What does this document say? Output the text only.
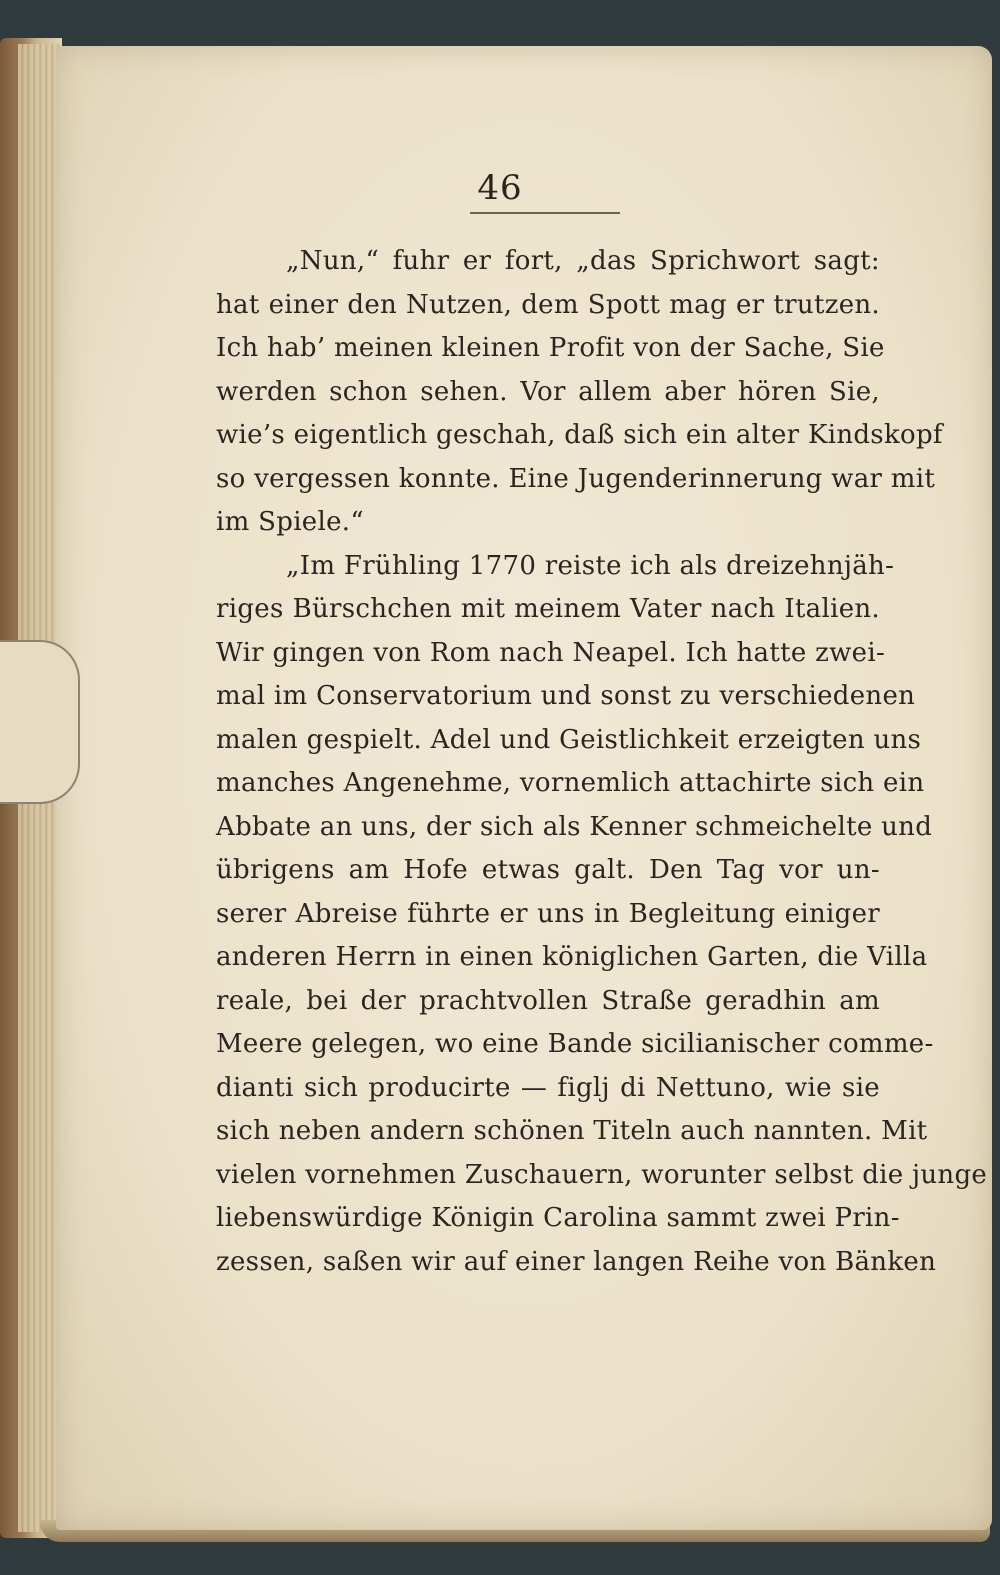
46
„Nun,“ fuhr er fort, „das Sprichwort sagt:
hat einer den Nutzen, dem Spott mag er trutzen.
Ich hab’ meinen kleinen Profit von der Sache, Sie
werden schon sehen. Vor allem aber hören Sie,
wie’s eigentlich geschah, daß sich ein alter Kindskopf
so vergessen konnte. Eine Jugenderinnerung war mit
im Spiele.“
„Im Frühling 1770 reiste ich als dreizehnjäh-
riges Bürschchen mit meinem Vater nach Italien.
Wir gingen von Rom nach Neapel. Ich hatte zwei-
mal im Conservatorium und sonst zu verschiedenen
malen gespielt. Adel und Geistlichkeit erzeigten uns
manches Angenehme, vornemlich attachirte sich ein
Abbate an uns, der sich als Kenner schmeichelte und
übrigens am Hofe etwas galt. Den Tag vor un-
serer Abreise führte er uns in Begleitung einiger
anderen Herrn in einen königlichen Garten, die Villa
reale, bei der prachtvollen Straße geradhin am
Meere gelegen, wo eine Bande sicilianischer comme-
dianti sich producirte — figlj di Nettuno, wie sie
sich neben andern schönen Titeln auch nannten. Mit
vielen vornehmen Zuschauern, worunter selbst die junge
liebenswürdige Königin Carolina sammt zwei Prin-
zessen, saßen wir auf einer langen Reihe von Bänken
